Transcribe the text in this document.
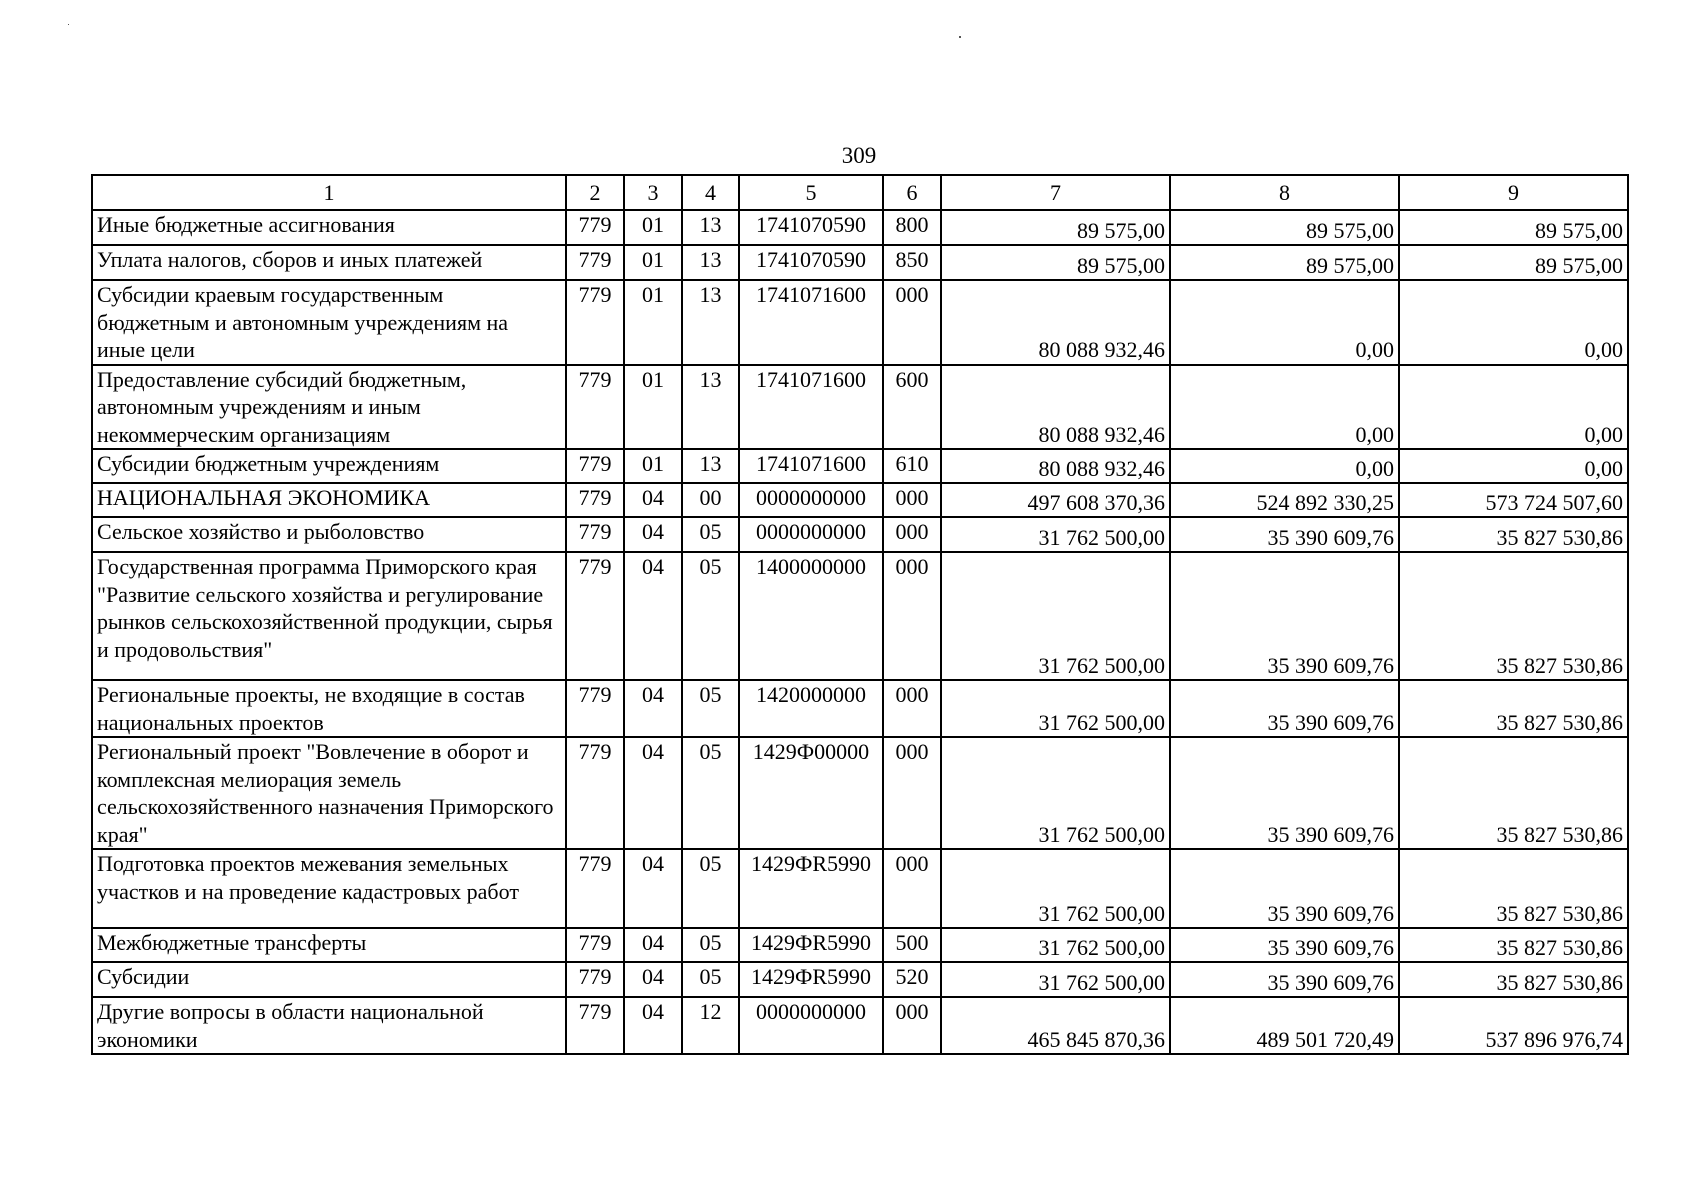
309
1	2	3	4	5	6	7	8	9
Иные бюджетные ассигнования	779	01	13	1741070590	800	89 575,00	89 575,00	89 575,00
Уплата налогов, сборов и иных платежей	779	01	13	1741070590	850	89 575,00	89 575,00	89 575,00
Субсидии краевым государственным бюджетным и автономным учреждениям на иные цели	779	01	13	1741071600	000	80 088 932,46	0,00	0,00
Предоставление субсидий бюджетным, автономным учреждениям и иным некоммерческим организациям	779	01	13	1741071600	600	80 088 932,46	0,00	0,00
Субсидии бюджетным учреждениям	779	01	13	1741071600	610	80 088 932,46	0,00	0,00
НАЦИОНАЛЬНАЯ ЭКОНОМИКА	779	04	00	0000000000	000	497 608 370,36	524 892 330,25	573 724 507,60
Сельское хозяйство и рыболовство	779	04	05	0000000000	000	31 762 500,00	35 390 609,76	35 827 530,86
Государственная программа Приморского края "Развитие сельского хозяйства и регулирование рынков сельскохозяйственной продукции, сырья и продовольствия"	779	04	05	1400000000	000	31 762 500,00	35 390 609,76	35 827 530,86
Региональные проекты, не входящие в состав национальных проектов	779	04	05	1420000000	000	31 762 500,00	35 390 609,76	35 827 530,86
Региональный проект "Вовлечение в оборот и комплексная мелиорация земель сельскохозяйственного назначения Приморского края"	779	04	05	1429Ф00000	000	31 762 500,00	35 390 609,76	35 827 530,86
Подготовка проектов межевания земельных участков и на проведение кадастровых работ	779	04	05	1429ФR5990	000	31 762 500,00	35 390 609,76	35 827 530,86
Межбюджетные трансферты	779	04	05	1429ФR5990	500	31 762 500,00	35 390 609,76	35 827 530,86
Субсидии	779	04	05	1429ФR5990	520	31 762 500,00	35 390 609,76	35 827 530,86
Другие вопросы в области национальной экономики	779	04	12	0000000000	000	465 845 870,36	489 501 720,49	537 896 976,74
